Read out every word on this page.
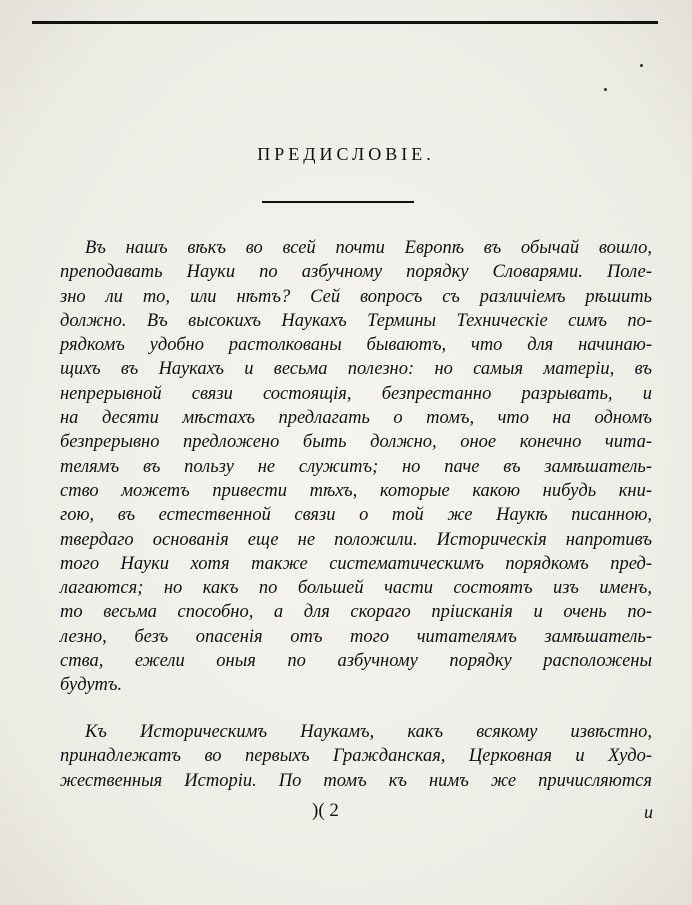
ПРЕДИСЛОВІЕ.
Въ нашъ вѣкъ во всей почти Европѣ въ обычай вошло,
преподавать Науки по азбучному порядку Словарями. Поле-
зно ли то, или нѣтъ? Сей вопросъ съ различіемъ рѣшить
должно. Въ высокихъ Наукахъ Термины Техническіе симъ по-
рядкомъ удобно растолкованы бываютъ, что для начинаю-
щихъ въ Наукахъ и весьма полезно: но самыя матеріи, въ
непрерывной связи состоящія, безпрестанно разрывать, и
на десяти мѣстахъ предлагать о томъ, что на одномъ
безпрерывно предложено быть должно, оное конечно чита-
телямъ въ пользу не служитъ; но паче въ замѣшатель-
ство можетъ привести тѣхъ, которые какою нибудь кни-
гою, въ естественной связи о той же Наукѣ писанною,
твердаго основанія еще не положили. Историческія напротивъ
того Науки хотя также систематическимъ порядкомъ пред-
лагаются; но какъ по большей части состоятъ изъ именъ,
то весьма способно, а для скораго пріисканія и очень по-
лезно, безъ опасенія отъ того читателямъ замѣшатель-
ства, ежели оныя по азбучному порядку расположены
будутъ.
Къ Историческимъ Наукамъ, какъ всякому извѣстно,
принадлежатъ во первыхъ Гражданская, Церковная и Худо-
жественныя Исторіи. По томъ къ нимъ же причисляются
)( 2	и
